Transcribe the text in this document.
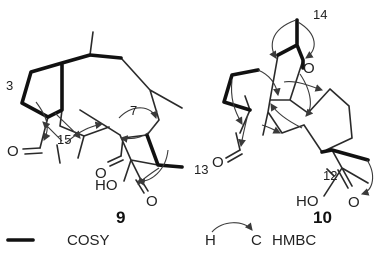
3
7
13
15
O
O
HO
O
9
14
O
O
12
HO O
10
COSY	H C HMBC
